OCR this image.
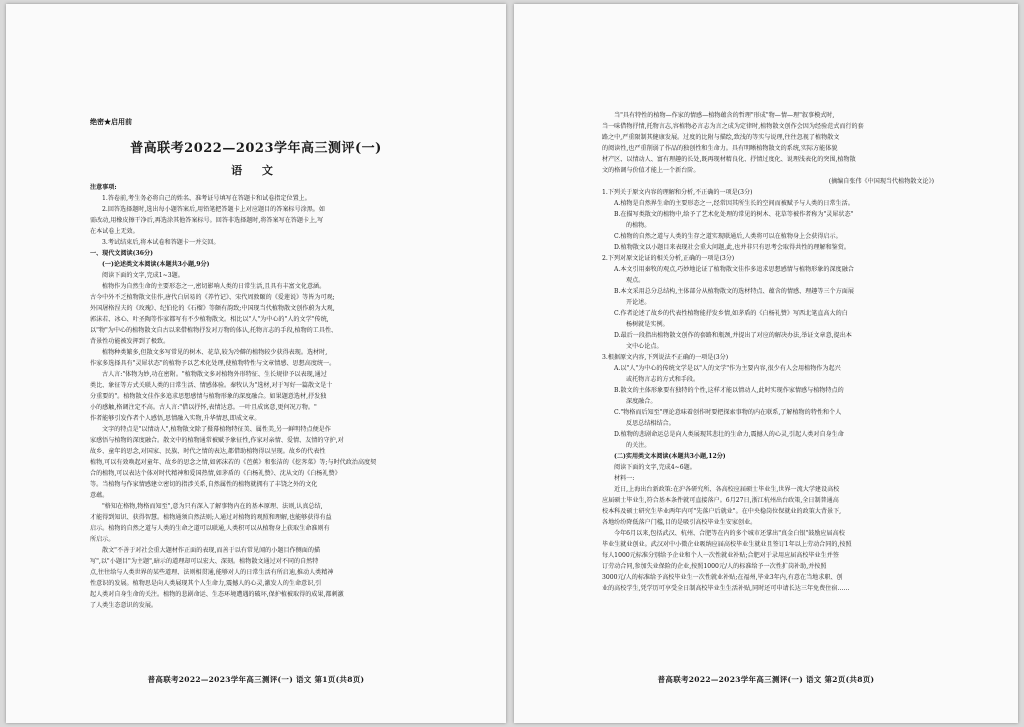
绝密★启用前
普高联考2022—2023学年高三测评(一)
语 文

注意事项:

1.答卷前,考生务必将自己的姓名、准考证号填写在答题卡和试卷指定位置上。

2.回答选择题时,选出每小题答案后,用铅笔把答题卡上对应题目的答案标号涂黑。如

需改动,用橡皮擦干净后,再选涂其他答案标号。回答非选择题时,将答案写在答题卡上,写

在本试卷上无效。

3.考试结束后,将本试卷和答题卡一并交回。

一、现代文阅读(36分)

(一)论述类文本阅读(本题共3小题,9分)

阅读下面的文字,完成1~3题。

植物作为自然生命的主要形态之一,密切影响人类的日常生活,且具有丰富文化意涵。

古今中外不乏植物散文佳作,唐代白居易的《养竹记》、宋代周敦颐的《爱莲说》等皆为可观;

外国屠格涅夫的《玫瑰》、纪伯伦的《石榴》等颇有韵致;中国现当代植物散文创作蔚为大观,

郭沫若、冰心、叶圣陶等作家都写有不少植物散文。相比以"人"为中心的"人的文学"传统,

以"物"为中心的植物散文自古以来借植物抒发对万物的体认,托物言志的手段,植物的工具性、

背景性功能被发挥到了极致。

植物种类繁多,但散文多写常见的树木、花草,较为冷僻的植物较少获得表现。选材时,

作家多选择具有"灵犀状态"的植物予以艺术化处理,使植物特性与文章情感、思想高度统一。

古人言:"体物为妙,功在密附。"植物散文多对植物外形特征、生长规律予以表现,通过

类比、象征等方式关联人类的日常生活、情感体验。秦牧认为"选材,对于写好一篇散文是十

分重要的"。植物散文佳作多追求思想感情与植物形象的深度融合。如果题意选材,抒发独

小的感触,格调注定不高。古人言:"借以抒怀,表情达意。一叶且成寓意,更何况万物。"

作者能够引发作者个人感悟,思情融入实物,升华情思,即成文章。

文字的特点是"以情动人",植物散文除了摄幕植物特征美、属性美,另一鲜明特点便是作

家感悟与植物的深度融合。散文中的植物通常被赋予象征性,作家对亲情、爱情、友情的守护,对

故乡、童年的思念,对国家、民族、时代之情的表达,都借助植物得以呈现。故乡的代表性

植物,可以有效唤起对童年、故乡的思念之情,如郭沫若的《芭蕉》和张洁的《挖荠菜》等;与时代政治高度契

合的植物,可以表达个体对时代精神和爱国热情,如茅盾的《白杨礼赞》、沈从文的《白杨礼赞》

等。当植物与作家情感建立密切的指涉关系,自然属性的植物就拥有了丰饶之外的文化

意蕴。

"格知在格物,物格而知至",意为只有深入了解事物内在的基本原理、法则,认真总结,

才能得到知识、获得智慧。植物通须自然法则;人通过对植物的观照和理解,也能够获得有益

启示。植物的自然之道与人类的生命之道可以联通,人类积可以从植物身上获取生命准则有

所启示。

散文"不善于对社会重大题材作正面的表现,而善于以有常见闻的小题目作侧面的描

写",以"小题目"为主题",暗示的道理却可以宏大、深刻。植物散文通过对不同的自然特

点,往往给与人类世界的某些道理、法则相贯通,能够对人的日常生活有所启迪,推动人类精神

性意识的发展。植物思是向人类展现其个人生命力,震撼人的心灵,激发人的生命意识,引

起人类对自身生命的关注。植物的悲剧命运、生态环境遭遇的破坏,保护植被取得的成果,都刺激

了人类生态意识的发展。

普高联考2022—2023学年高三测评(一) 语文 第1页(共8页)

当"具有特性的植物—作家的情感—植物蕴含的哲理"形成"物—情—理"叙事模式时,

当一味借物抒情,托物言志,容植物必言志为言之成为定律时,植物散文创作会因为经验范式而行的套

路之中,严重限制其健康发展。过度的比附与描绘,致浅的等实与说理,往往忽视了植物散文

的阅读性,也严重削弱了作品的独创性和生命力。具有明晰植物散文的系统,实际方能体貌

材产区、以情动人、富有理趣的长处,既再现材精良化、抒情过度化、说理浅表化的突围,植物散

文的格调与价值才能上一个新台阶。

(摘编自张伟《中国现当代植物散文论》)

1.下列关于原文内容的理解和分析,不正确的一项是(3分)

A.植物是自然界生命的主要形态之一,经常因其所生长的空间而被赋予与人类的日常生活。

B.在描写类散文的植物中,给予了艺术化处理的常见的树木、花草等被作者称为"灵犀状态"

的植物。

C.植物的自然之道与人类的生存之道实现联通后,人类将可以在植物身上会获得启示。

D.植物散文以小题目来表现社会重大问题,此,也并非只有思考会取得共性的理解和鉴赏。

2.下列对原文论证的相关分析,正确的一项是(3分)

A.本文引用秦牧的观点,巧妙地论证了植物散文佳作多追求思想感情与植物形象的深度融合

观点。

B.本文采用总分总结构,主体部分从植物散文的选材特点、蕴含的情感、理趣等三个方面展

开论述。

C.作者论述了故乡的代表性植物能抒发乡情,如茅盾的《白杨礼赞》写西北笔直高大的白

杨树就是实例。

D.最后一段指出植物散文创作的套路和瓶颈,并提出了对应的解决办法,举证文章意,提出本

文中心论点。

3.根据原文内容,下列说法不正确的一项是(3分)

A.以"人"为中心的传统文学是以"人的文学"作为主要内容,很少有人会用植物作为起兴

或托物言志的方式和手段。

B.散文的主体形象要有独特的个性,这样才能以情动人,此时实现作家情感与植物特点的

深度融合。

C."物格而后知至"理论意味着创作时要把探索事物的内在联系,了解植物的特性和个人

反思总结相结合。

D.植物的悲剧命运总是向人类展现其悲壮的生命力,震撼人的心灵,引起人类对自身生命

的关注。

(二)实用类文本阅读(本题共3小题,12分)

阅读下面的文字,完成4~6题。

材料一:

近日,上海出台新政策:在沪各研究所、各高校应届硕士毕业生,世界一流大学建设高校

应届硕士毕业生,符合基本条件就可直接落户。6月27日,浙江杭州出台政策,全日制普通高

校本科及硕士研究生毕业两年内可"先落户后就业"。在中央稳岗位保就业的政策大背景下,

各地纷纷降低落户门槛,目的是吸引高校毕业生安家创业。

今年6月以来,包括武汉、杭州、合肥等在内的多个城市还掌出"真金白银"鼓励应届高校

毕业生就业创业。武汉对中小微企业吸纳应届高校毕业生就业且签订1年以上劳动合同的,按照

每人1000元标准分别给予企业和个人一次性就业补贴;合肥对于录用应届高校毕业生并签

订劳动合同,参加失业保险的企业,按照1000元/人的标准给予一次性扩岗补助,并按照

3000元/人的标准给予高校毕业生一次性就业补贴;在福州,毕业3年内,有意在当地求职、创

业的高校学生,凭学历可享受全日制高校毕业生生活补贴,同时还可申请长达三年免费住宿……

普高联考2022—2023学年高三测评(一) 语文 第2页(共8页)
